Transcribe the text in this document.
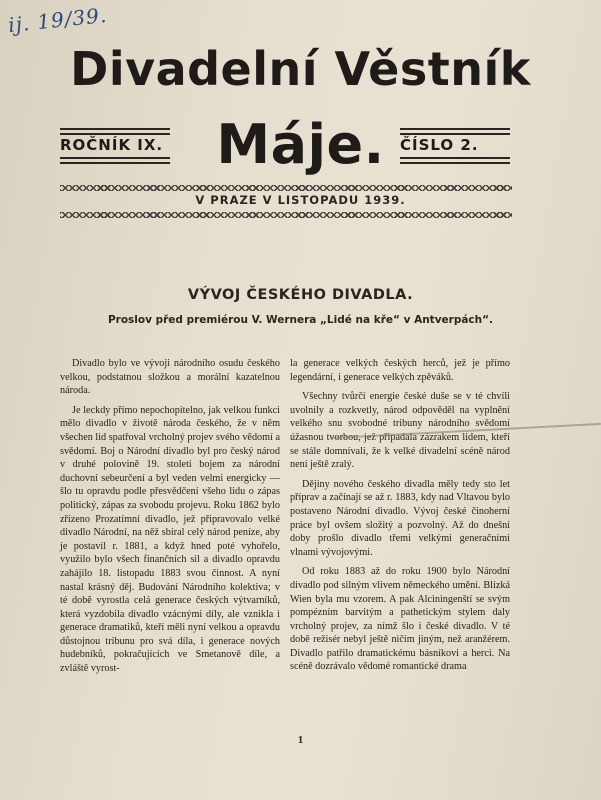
ij. 19/39.
Divadelní Věstník
Máje.
ROČNÍK IX.	ČÍSLO 2.
V PRAZE V LISTOPADU 1939.
VÝVOJ ČESKÉHO DIVADLA.
Proslov před premiérou V. Wernera „Lidé na kře“ v Antverpách“.

Divadlo bylo ve vývoji národního osudu českého velkou, podstatnou složkou a morální kazatelnou národa.

Je leckdy přímo nepochopitelno, jak velkou funkci mělo divadlo v životě národa českého, že v něm všechen lid spatřoval vrcholný projev svého vědomí a svědomí. Boj o Národní divadlo byl pro český národ v druhé polovině 19. století bojem za národní duchovní sebeurčení a byl veden velmi energicky — šlo tu opravdu podle přesvědčení všeho lidu o zápas politický, zápas za svobodu projevu. Roku 1862 bylo zřízeno Prozatímní divadlo, jež připravovalo velké divadlo Národní, na něž sbíral celý národ peníze, aby je postavil r. 1881, a když hned poté vyhořelo, využilo bylo všech finančních sil a divadlo opravdu zahájilo 18. listopadu 1883 svou činnost. A nyní nastal krásný děj. Budování Národního kolektiva; v té době vyrostla celá generace českých výtvarníků, která vyzdobila divadlo vzácnými díly, ale vznikla i generace dramatiků, kteří měli nyní velkou a opravdu důstojnou tribunu pro svá díla, i generace nových hudebníků, pokračujících ve Smetanově díle, a zvláště vyrost-

la generace velkých českých herců, jež je přímo legendární, i generace velkých zpěváků.

Všechny tvůrčí energie české duše se v té chvíli uvolnily a rozkvetly, národ odpověděl na vyplnění velkého snu svobodné tribuny národního svědomí úžasnou tvorbou, jež připadala zázrakem lidem, kteří se stále domnívali, že k velké divadelní scéně národ není ještě zralý.

Dějiny nového českého divadla měly tedy sto let příprav a začínají se až r. 1883, kdy nad Vltavou bylo postaveno Národní divadlo. Vývoj české činoherní práce byl ovšem složitý a pozvolný. Až do dnešní doby prošlo divadlo třemi velkými generačními vlnami vývojovými.

Od roku 1883 až do roku 1900 bylo Národní divadlo pod silným vlivem německého umění. Blízká Wien byla mu vzorem. A pak Alciningenští se svým pompézním barvitým a pathetickým stylem daly vrcholný projev, za nímž šlo i české divadlo. V té době režisér nebyl ještě ničím jiným, než aranžérem. Divadlo patřilo dramatickému básníkovi a herci. Na scéně dozrávalo vědomé romantické drama

1
